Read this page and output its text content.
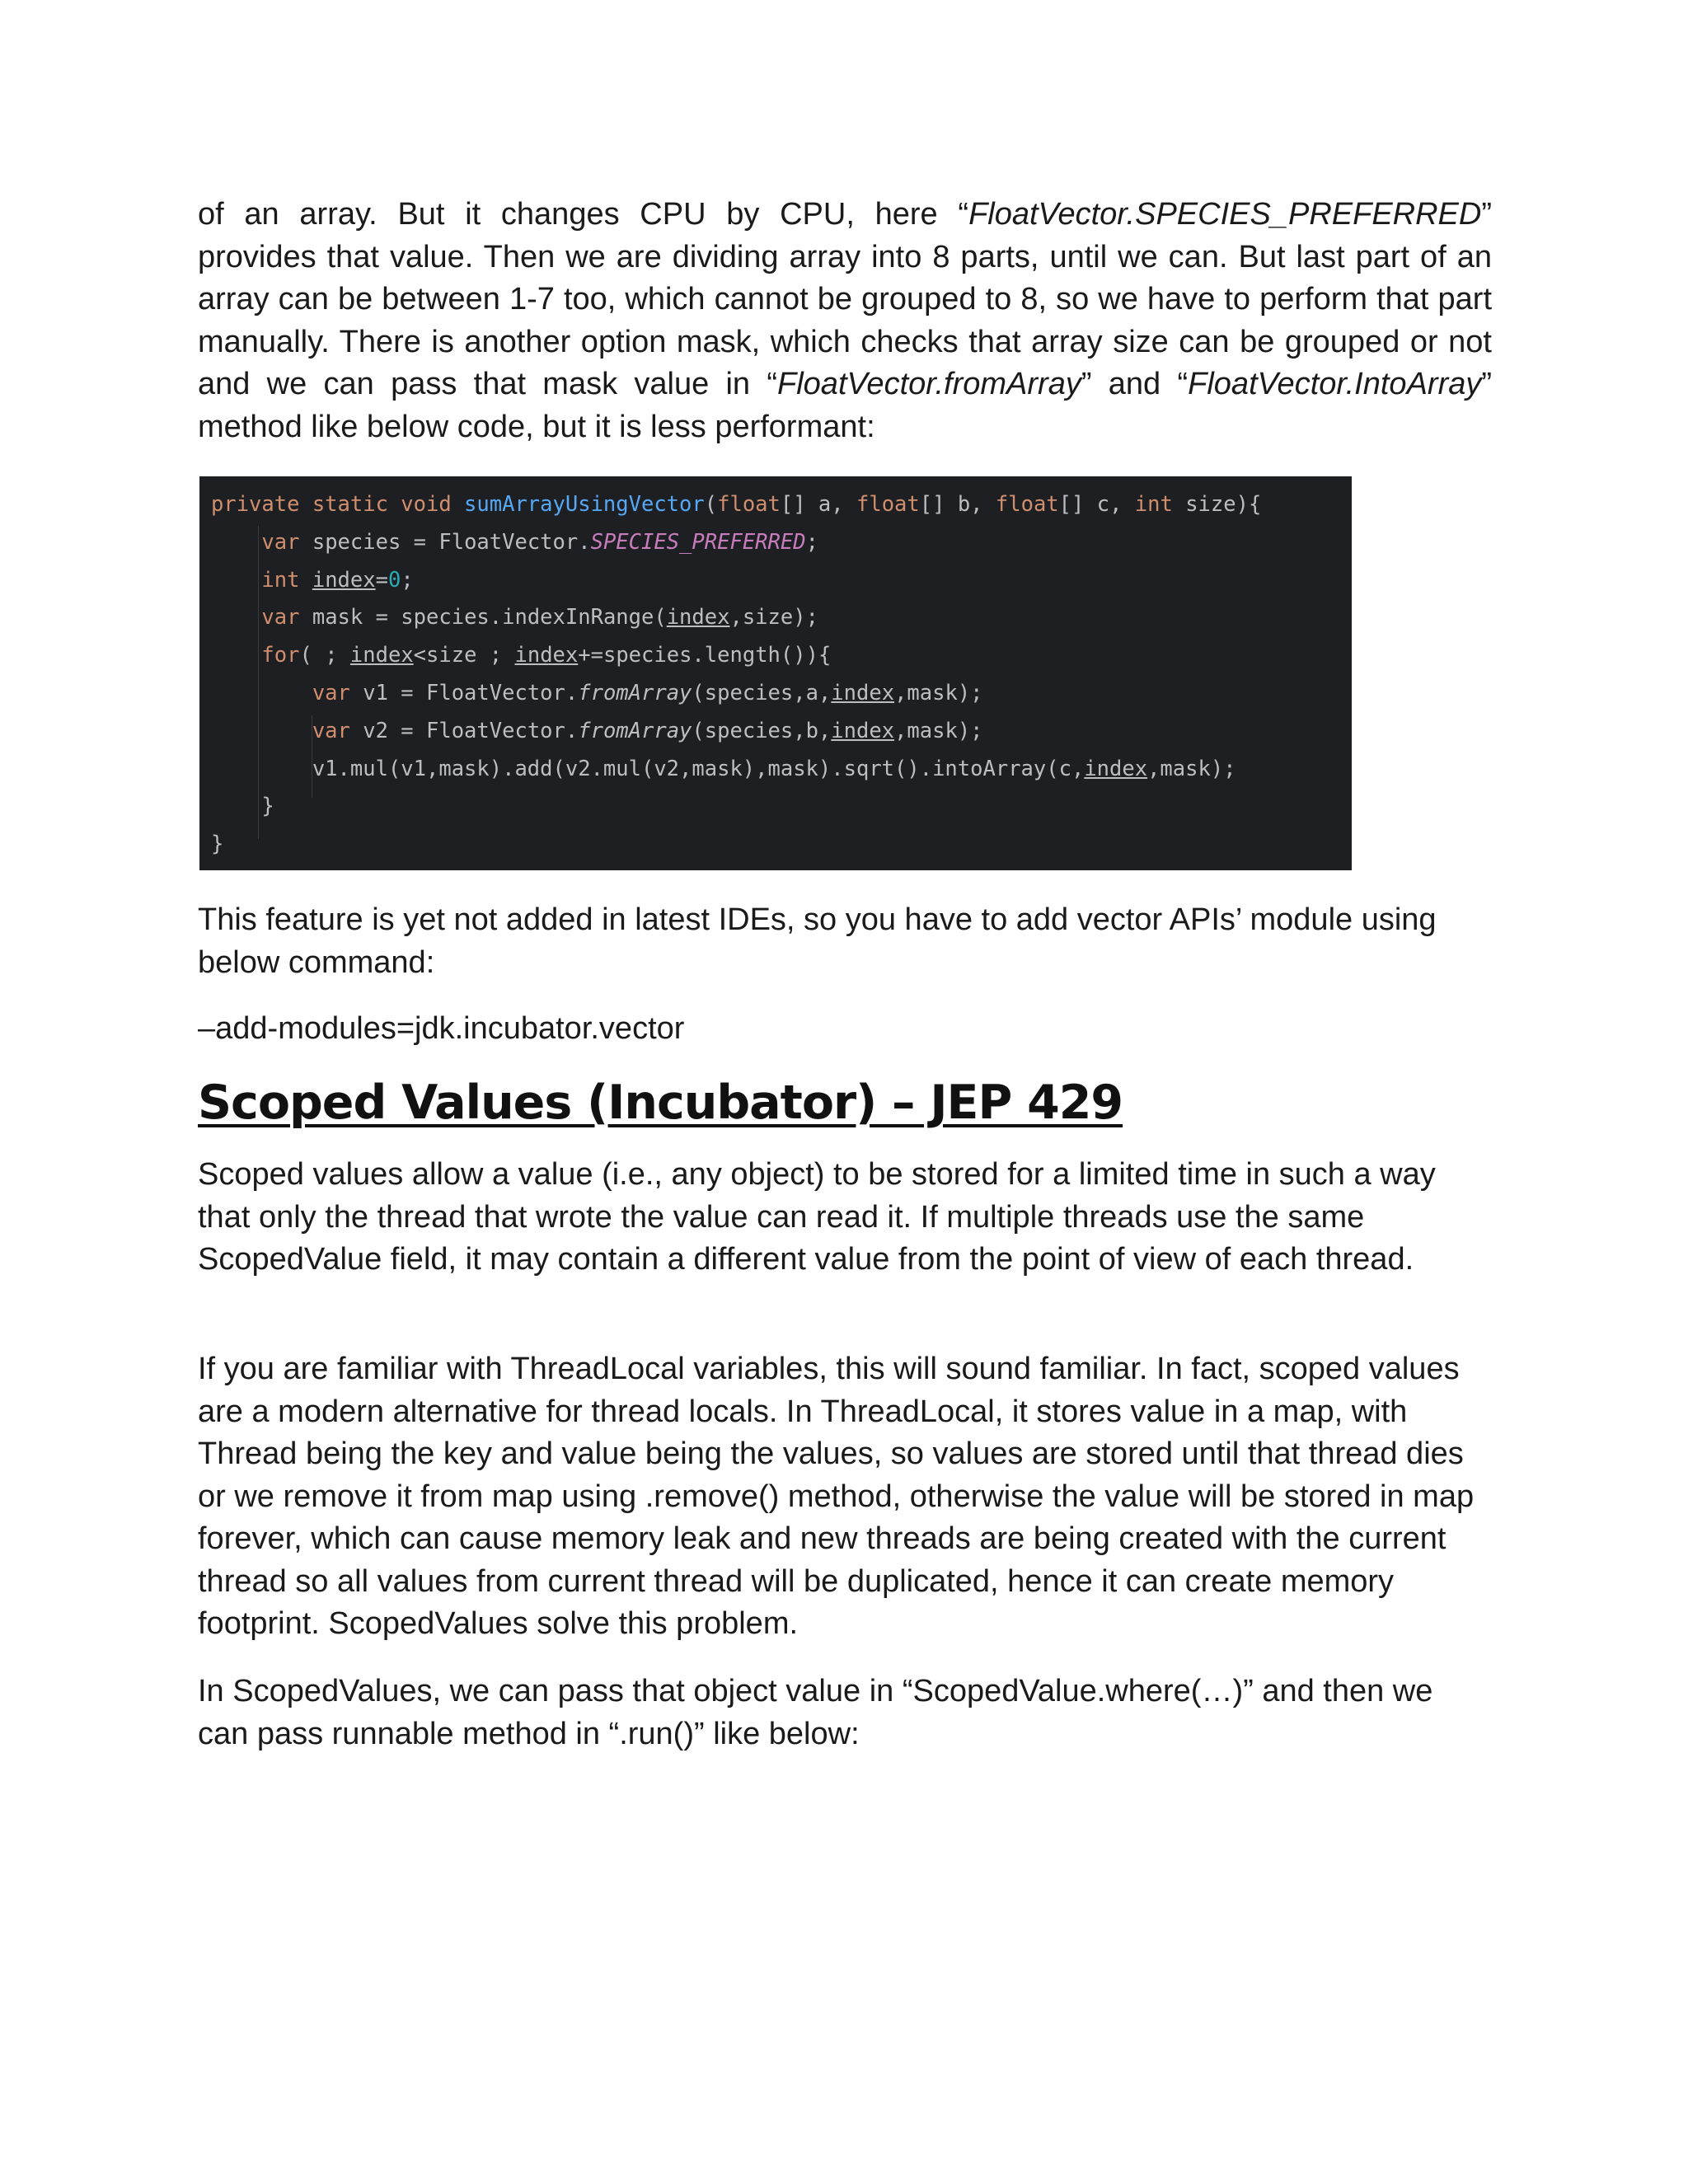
of an array. But it changes CPU by CPU, here “FloatVector.SPECIES_PREFERRED” provides that value. Then we are dividing array into 8 parts, until we can. But last part of an array can be between 1-7 too, which cannot be grouped to 8, so we have to perform that part manually. There is another option mask, which checks that array size can be grouped or not and we can pass that mask value in “FloatVector.fromArray” and “FloatVector.IntoArray” method like below code, but it is less performant:

private static void sumArrayUsingVector(float[] a, float[] b, float[] c, int size){
var species = FloatVector.SPECIES_PREFERRED;
int index=0;
var mask = species.indexInRange(index,size);
for( ; index<size ; index+=species.length()){
var v1 = FloatVector.fromArray(species,a,index,mask);
var v2 = FloatVector.fromArray(species,b,index,mask);
v1.mul(v1,mask).add(v2.mul(v2,mask),mask).sqrt().intoArray(c,index,mask);
}
}

This feature is yet not added in latest IDEs, so you have to add vector APIs’ module using below command:

–add-modules=jdk.incubator.vector

Scoped Values (Incubator) – JEP 429

Scoped values allow a value (i.e., any object) to be stored for a limited time in such a way that only the thread that wrote the value can read it. If multiple threads use the same ScopedValue field, it may contain a different value from the point of view of each thread.

If you are familiar with ThreadLocal variables, this will sound familiar. In fact, scoped values are a modern alternative for thread locals. In ThreadLocal, it stores value in a map, with Thread being the key and value being the values, so values are stored until that thread dies or we remove it from map using .remove() method, otherwise the value will be stored in map forever, which can cause memory leak and new threads are being created with the current thread so all values from current thread will be duplicated, hence it can create memory footprint. ScopedValues solve this problem.

In ScopedValues, we can pass that object value in “ScopedValue.where(…)” and then we can pass runnable method in “.run()” like below:
